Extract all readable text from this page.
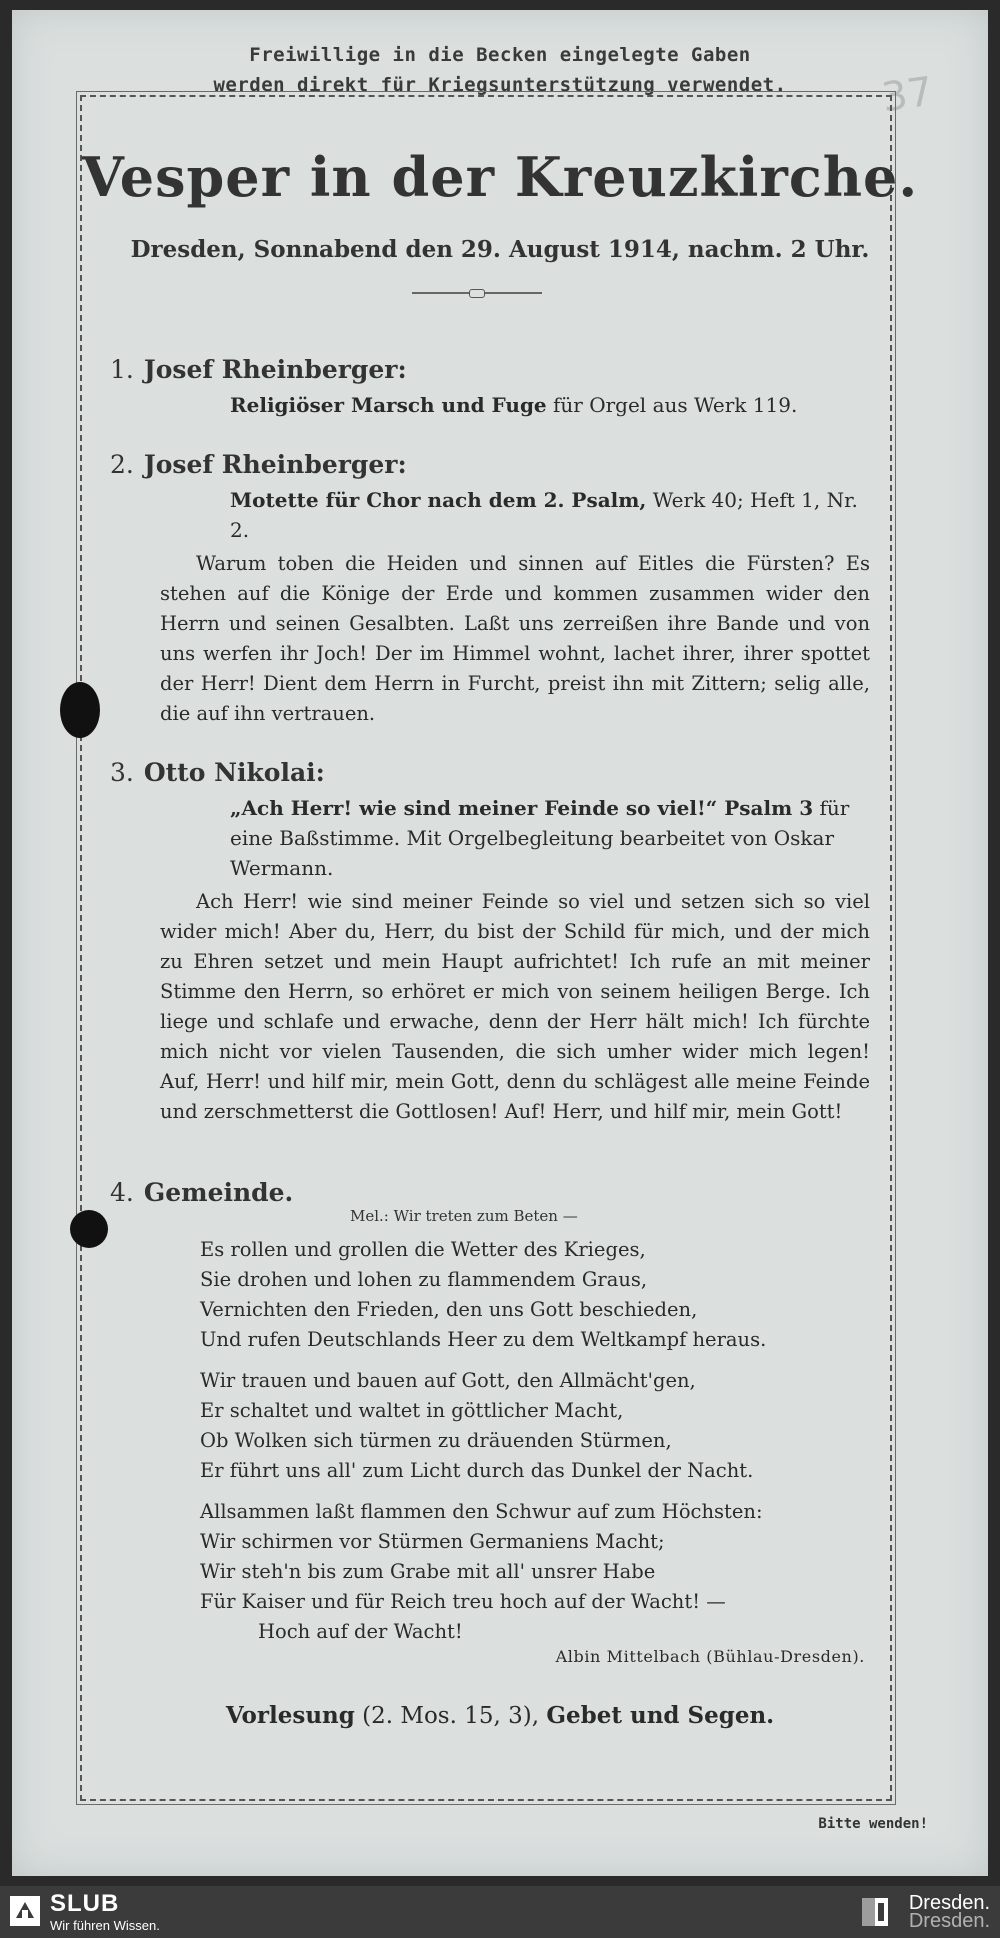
Freiwillige in die Becken eingelegte Gaben
werden direkt für Kriegsunterstützung verwendet.	37
Vesper in der Kreuzkirche.
Dresden, Sonnabend den 29. August 1914, nachm. 2 Uhr.
1. Josef Rheinberger:
Religiöser Marsch und Fuge für Orgel aus Werk 119.
2. Josef Rheinberger:
Motette für Chor nach dem 2. Psalm, Werk 40; Heft 1, Nr. 2.
Warum toben die Heiden und sinnen auf Eitles die Fürsten? Es stehen auf die Könige der Erde und kommen zusammen wider den Herrn und seinen Gesalbten. Laßt uns zerreißen ihre Bande und von uns werfen ihr Joch! Der im Himmel wohnt, lachet ihrer, ihrer spottet der Herr! Dient dem Herrn in Furcht, preist ihn mit Zittern; selig alle, die auf ihn vertrauen.
3. Otto Nikolai:
„Ach Herr! wie sind meiner Feinde so viel!“ Psalm 3 für eine Baßstimme. Mit Orgelbegleitung bearbeitet von Oskar Wermann.
Ach Herr! wie sind meiner Feinde so viel und setzen sich so viel wider mich! Aber du, Herr, du bist der Schild für mich, und der mich zu Ehren setzet und mein Haupt aufrichtet! Ich rufe an mit meiner Stimme den Herrn, so erhöret er mich von seinem heiligen Berge. Ich liege und schlafe und erwache, denn der Herr hält mich! Ich fürchte mich nicht vor vielen Tausenden, die sich umher wider mich legen! Auf, Herr! und hilf mir, mein Gott, denn du schlägest alle meine Feinde und zerschmetterst die Gottlosen! Auf! Herr, und hilf mir, mein Gott!
4. Gemeinde.
Mel.: Wir treten zum Beten —
Es rollen und grollen die Wetter des Krieges,
Sie drohen und lohen zu flammendem Graus,
Vernichten den Frieden, den uns Gott beschieden,
Und rufen Deutschlands Heer zu dem Weltkampf heraus.
Wir trauen und bauen auf Gott, den Allmächt'gen,
Er schaltet und waltet in göttlicher Macht,
Ob Wolken sich türmen zu dräuenden Stürmen,
Er führt uns all' zum Licht durch das Dunkel der Nacht.
Allsammen laßt flammen den Schwur auf zum Höchsten:
Wir schirmen vor Stürmen Germaniens Macht;
Wir steh'n bis zum Grabe mit all' unsrer Habe
Für Kaiser und für Reich treu hoch auf der Wacht! —
Hoch auf der Wacht!
Albin Mittelbach (Bühlau-Dresden).
Vorlesung (2. Mos. 15, 3), Gebet und Segen.
Bitte wenden!
SLUB
Wir führen Wissen.
Dresden.
Dresden.
